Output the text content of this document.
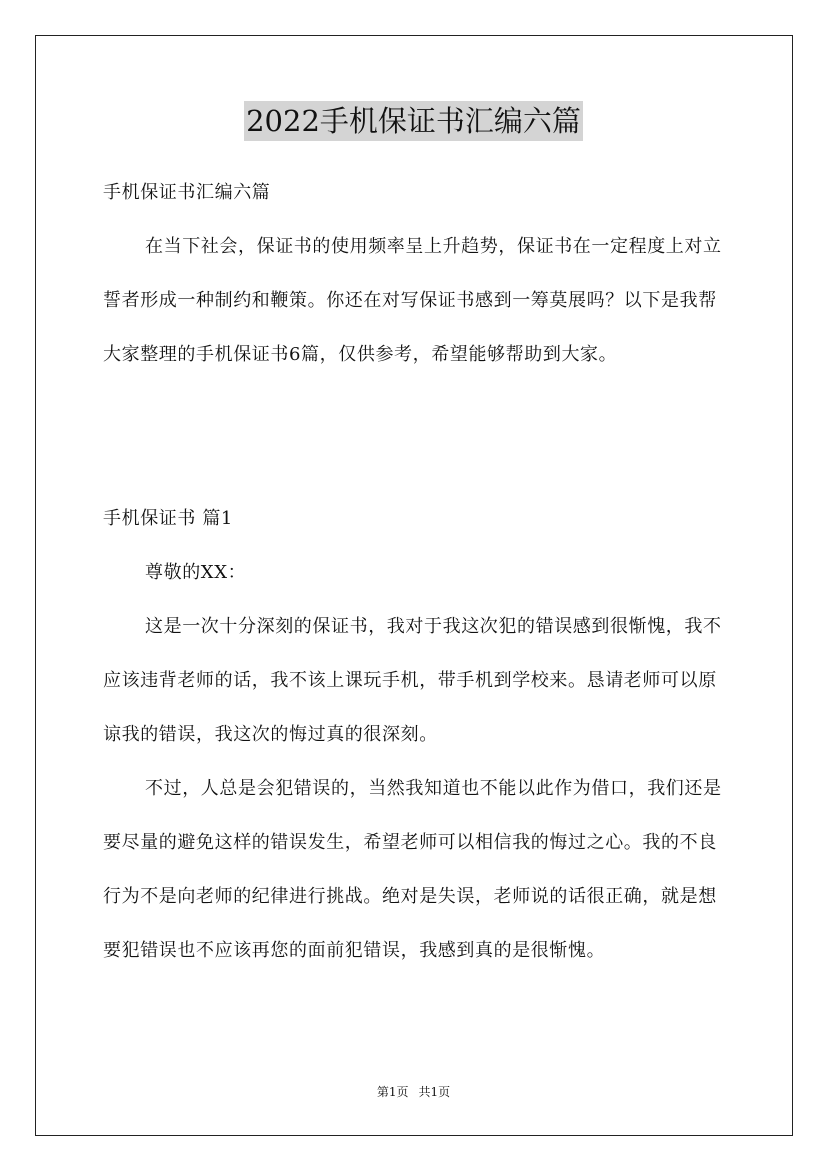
2022手机保证书汇编六篇
手机保证书汇编六篇

在当下社会，保证书的使用频率呈上升趋势，保证书在一定程度上对立誓者形成一种制约和鞭策。你还在对写保证书感到一筹莫展吗？以下是我帮大家整理的手机保证书6篇，仅供参考，希望能够帮助到大家。

手机保证书 篇1

尊敬的XX：

这是一次十分深刻的保证书，我对于我这次犯的错误感到很惭愧，我不应该违背老师的话，我不该上课玩手机，带手机到学校来。恳请老师可以原谅我的错误，我这次的悔过真的很深刻。

不过，人总是会犯错误的，当然我知道也不能以此作为借口，我们还是要尽量的避免这样的错误发生，希望老师可以相信我的悔过之心。我的不良行为不是向老师的纪律进行挑战。绝对是失误，老师说的话很正确，就是想要犯错误也不应该再您的面前犯错误，我感到真的是很惭愧。

第1页 共1页
